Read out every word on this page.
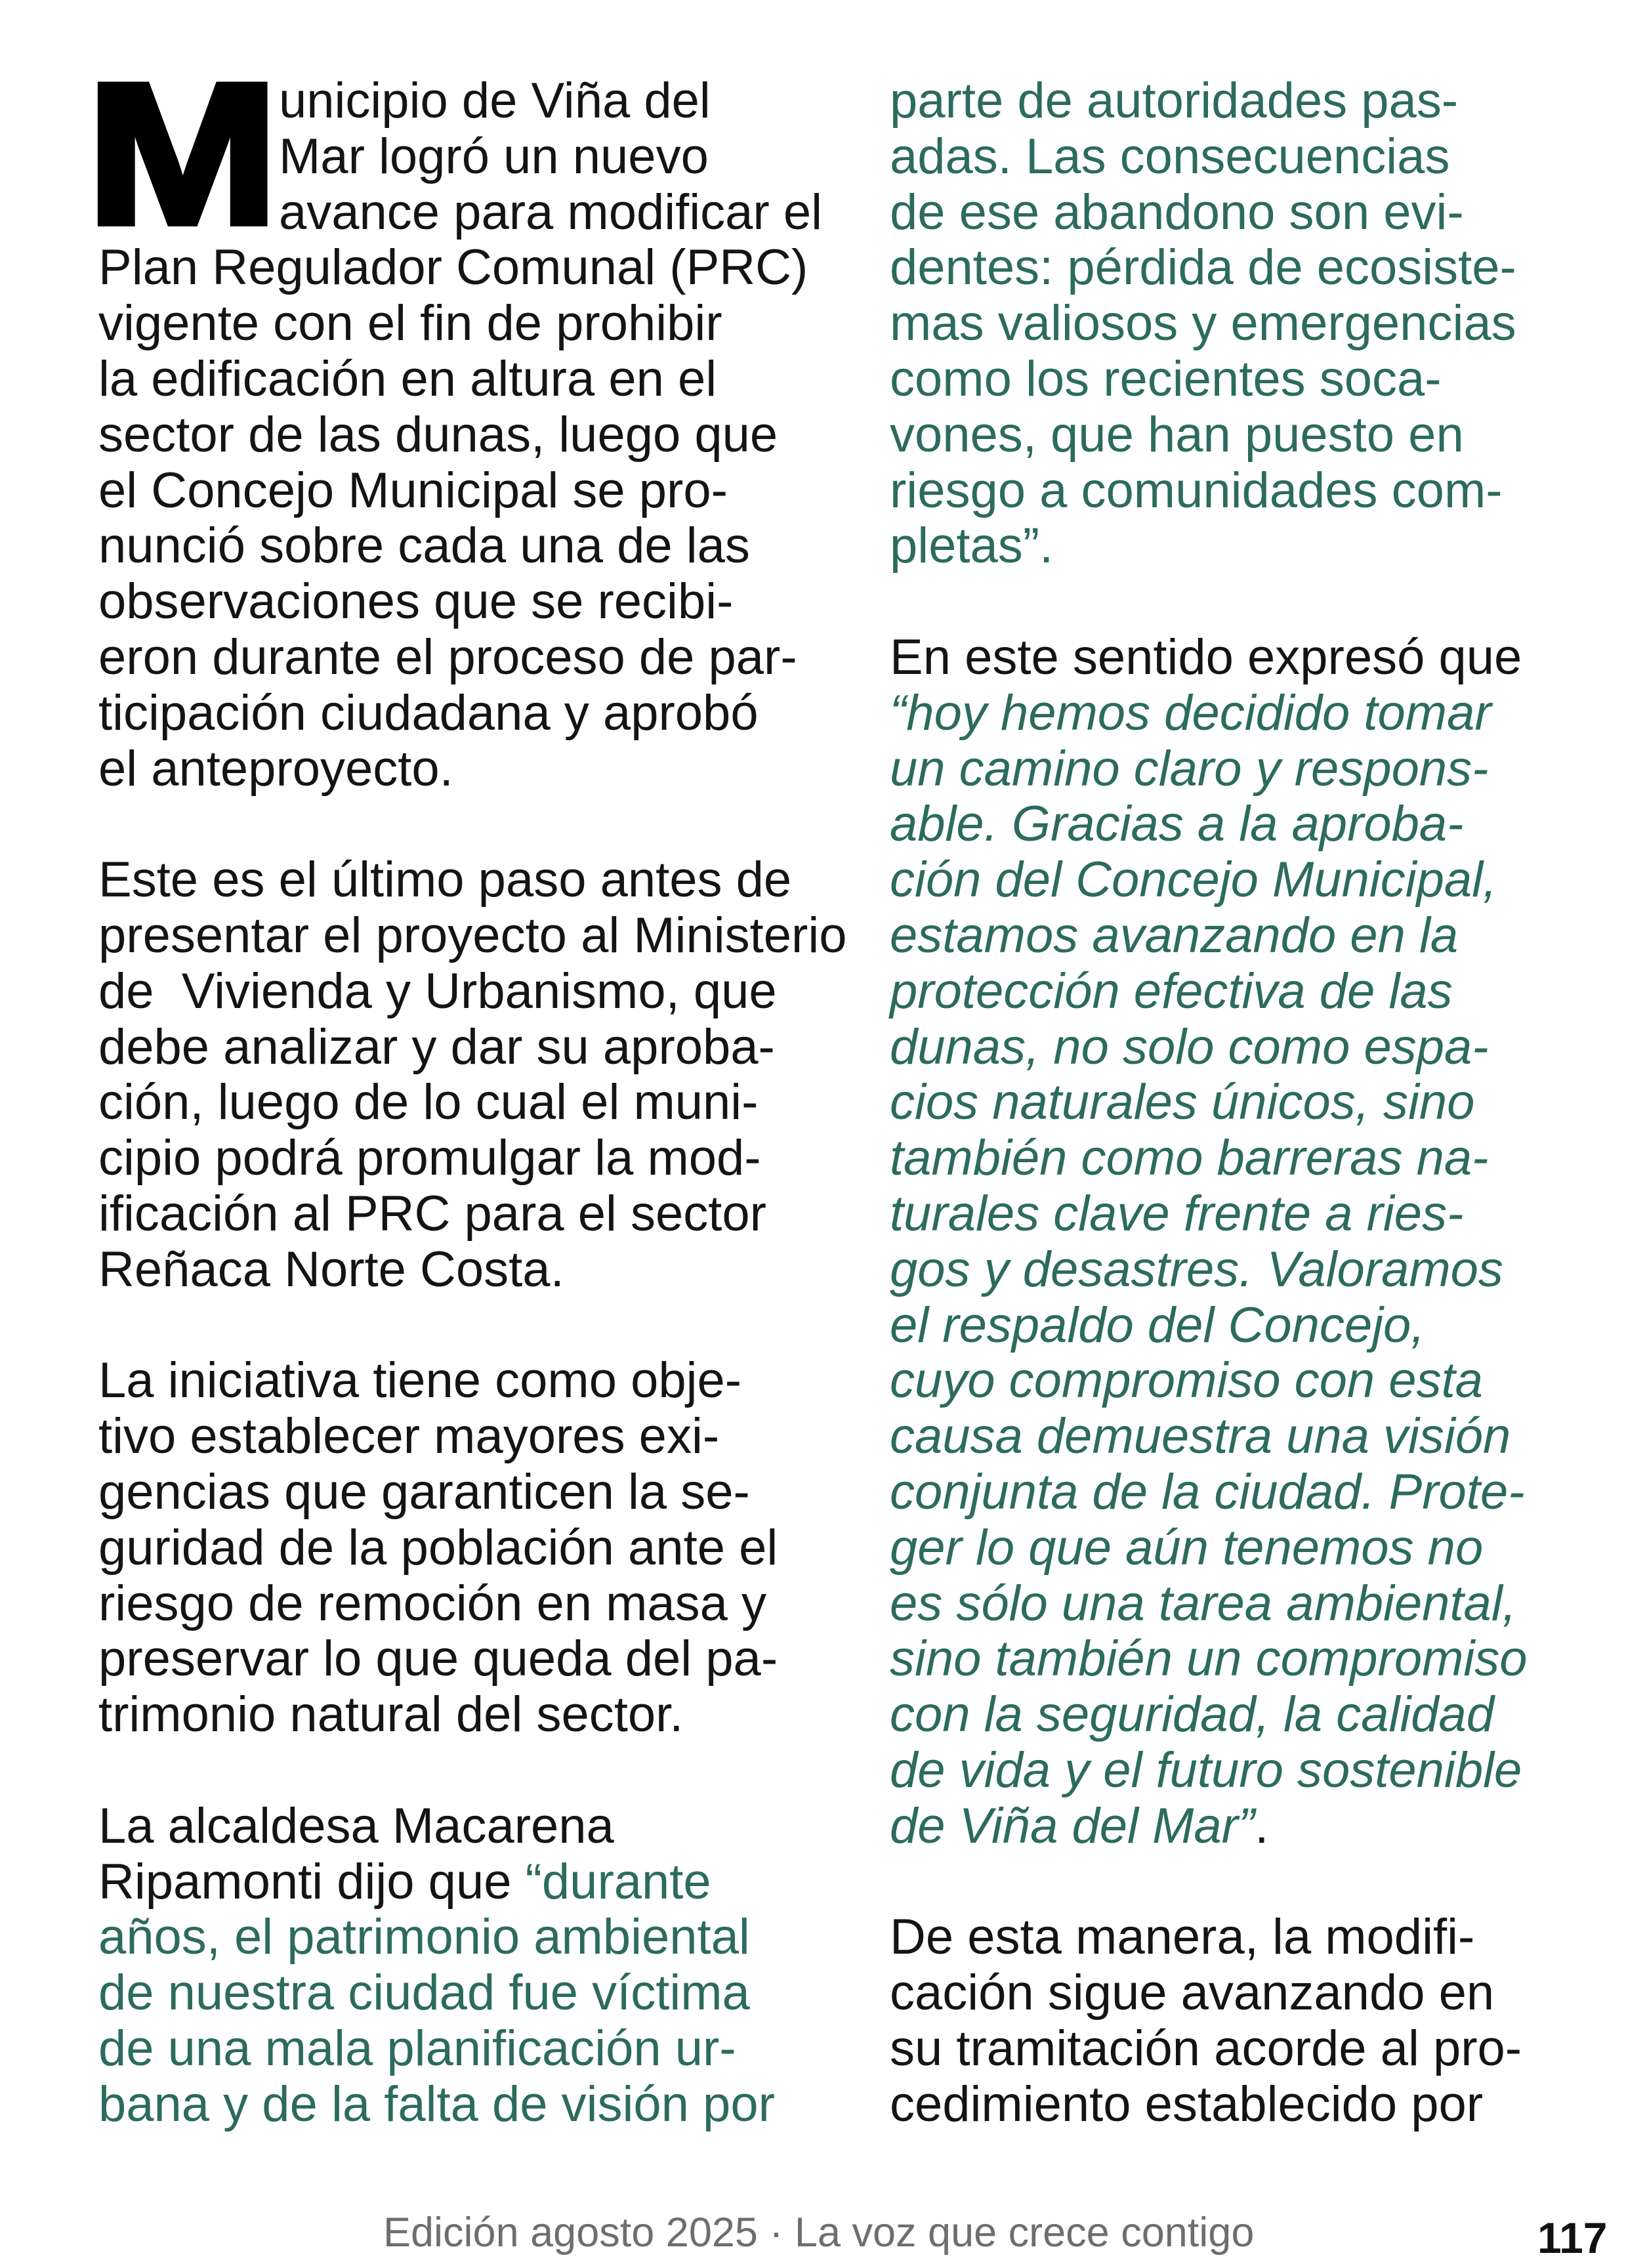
M unicipio de Viña del
Mar logró un nuevo
avance para modificar el
Plan Regulador Comunal (PRC)
vigente con el fin de prohibir
la edificación en altura en el
sector de las dunas, luego que
el Concejo Municipal se pro-
nunció sobre cada una de las
observaciones que se recibi-
eron durante el proceso de par-
ticipación ciudadana y aprobó
el anteproyecto.
Este es el último paso antes de
presentar el proyecto al Ministerio
de  Vivienda y Urbanismo, que
debe analizar y dar su aproba-
ción, luego de lo cual el muni-
cipio podrá promulgar la mod-
ificación al PRC para el sector
Reñaca Norte Costa.
La iniciativa tiene como obje-
tivo establecer mayores exi-
gencias que garanticen la se-
guridad de la población ante el
riesgo de remoción en masa y
preservar lo que queda del pa-
trimonio natural del sector.
La alcaldesa Macarena
Ripamonti dijo que “durante
años, el patrimonio ambiental
de nuestra ciudad fue víctima
de una mala planificación ur-
bana y de la falta de visión por
parte de autoridades pas-
adas. Las consecuencias
de ese abandono son evi-
dentes: pérdida de ecosiste-
mas valiosos y emergencias
como los recientes soca-
vones, que han puesto en
riesgo a comunidades com-
pletas”.
En este sentido expresó que
“hoy hemos decidido tomar
un camino claro y respons-
able. Gracias a la aproba-
ción del Concejo Municipal,
estamos avanzando en la
protección efectiva de las
dunas, no solo como espa-
cios naturales únicos, sino
también como barreras na-
turales clave frente a ries-
gos y desastres. Valoramos
el respaldo del Concejo,
cuyo compromiso con esta
causa demuestra una visión
conjunta de la ciudad. Prote-
ger lo que aún tenemos no
es sólo una tarea ambiental,
sino también un compromiso
con la seguridad, la calidad
de vida y el futuro sostenible
de Viña del Mar”.
De esta manera, la modifi-
cación sigue avanzando en
su tramitación acorde al pro-
cedimiento establecido por
Edición agosto 2025 · La voz que crece contigo	117
